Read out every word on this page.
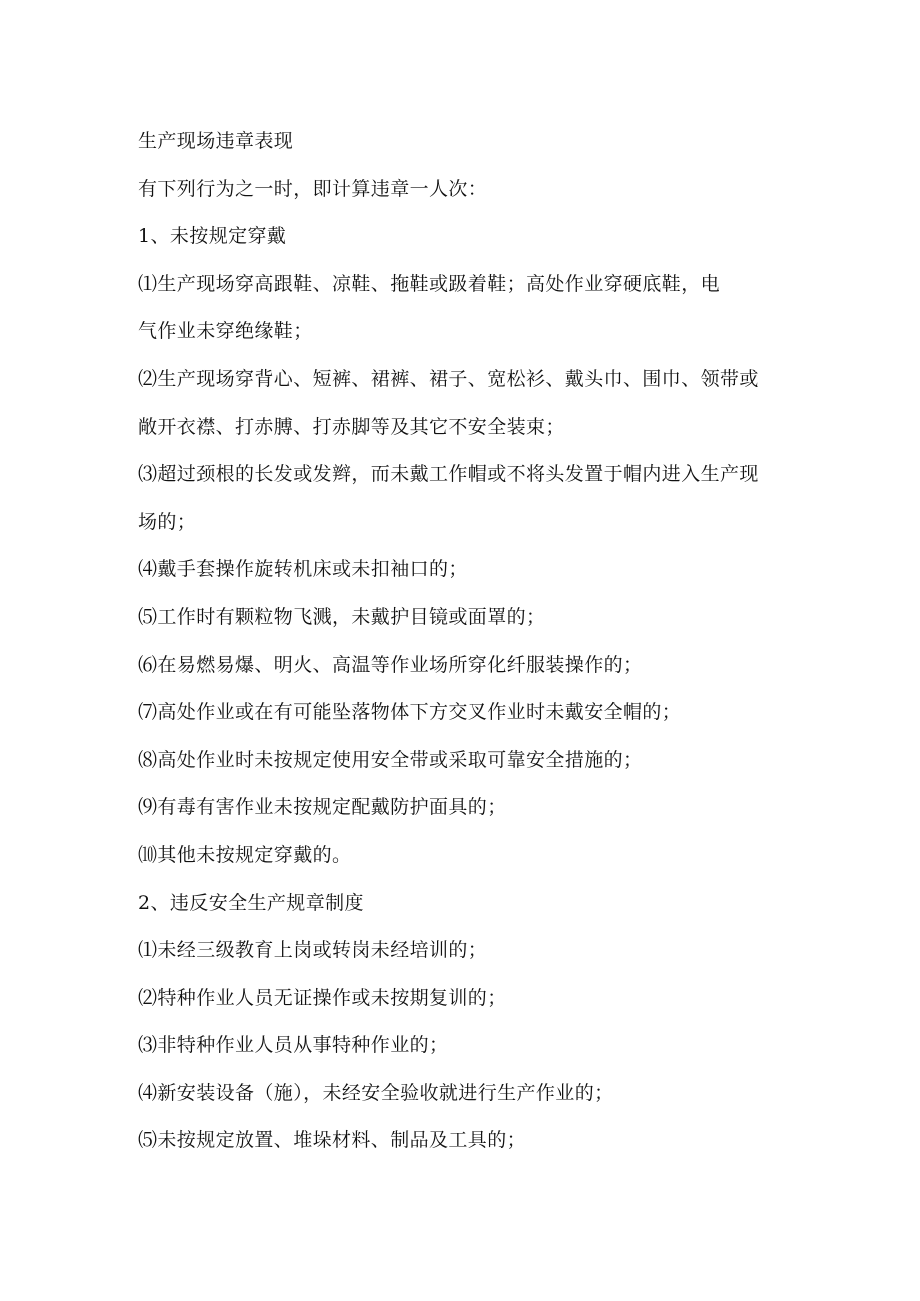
生产现场违章表现
有下列行为之一时，即计算违章一人次：
1、未按规定穿戴
⑴生产现场穿高跟鞋、凉鞋、拖鞋或趿着鞋；高处作业穿硬底鞋，电
气作业未穿绝缘鞋；
⑵生产现场穿背心、短裤、裙裤、裙子、宽松衫、戴头巾、围巾、领带或
敞开衣襟、打赤膊、打赤脚等及其它不安全装束；
⑶超过颈根的长发或发辫，而未戴工作帽或不将头发置于帽内进入生产现
场的；
⑷戴手套操作旋转机床或未扣袖口的；
⑸工作时有颗粒物飞溅，未戴护目镜或面罩的；
⑹在易燃易爆、明火、高温等作业场所穿化纤服装操作的；
⑺高处作业或在有可能坠落物体下方交叉作业时未戴安全帽的；
⑻高处作业时未按规定使用安全带或采取可靠安全措施的；
⑼有毒有害作业未按规定配戴防护面具的；
⑽其他未按规定穿戴的。
2、违反安全生产规章制度
⑴未经三级教育上岗或转岗未经培训的；
⑵特种作业人员无证操作或未按期复训的；
⑶非特种作业人员从事特种作业的；
⑷新安装设备（施），未经安全验收就进行生产作业的；
⑸未按规定放置、堆垛材料、制品及工具的；
